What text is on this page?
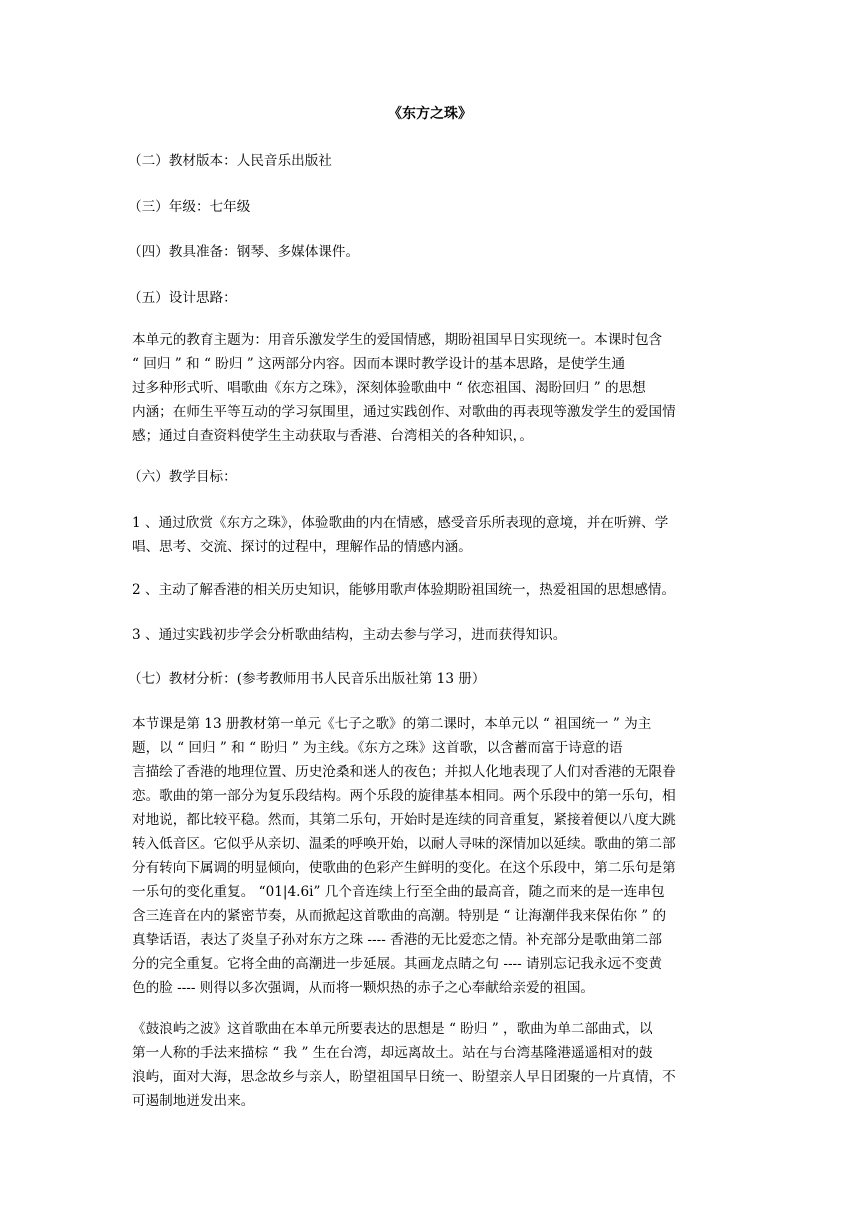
《东方之珠》
（二）教材版本：人民音乐出版社
（三）年级：七年级
（四）教具准备：钢琴、多媒体课件。
（五）设计思路：
本单元的教育主题为：用音乐激发学生的爱国情感，期盼祖国早日实现统一。本课时包含
“ 回归 ” 和 “ 盼归 ” 这两部分内容。因而本课时教学设计的基本思路，是使学生通
过多种形式听、唱歌曲《东方之珠》，深刻体验歌曲中 “ 依恋祖国、渴盼回归 ” 的思想
内涵；在师生平等互动的学习氛围里，通过实践创作、对歌曲的再表现等激发学生的爱国情
感；通过自查资料使学生主动获取与香港、台湾相关的各种知识，。
（六）教学目标：
1 、通过欣赏《东方之珠》，体验歌曲的内在情感，感受音乐所表现的意境，并在听辨、学
唱、思考、交流、探讨的过程中，理解作品的情感内涵。
2 、主动了解香港的相关历史知识，能够用歌声体验期盼祖国统一，热爱祖国的思想感情。
3 、通过实践初步学会分析歌曲结构，主动去参与学习，进而获得知识。
（七）教材分析：(参考教师用书人民音乐出版社第 13 册）
本节课是第 13 册教材第一单元《七子之歌》的第二课时，本单元以 “ 祖国统一 ” 为主
题，以 “ 回归 ” 和 “ 盼归 ” 为主线。《东方之珠》这首歌，以含蓄而富于诗意的语
言描绘了香港的地理位置、历史沧桑和迷人的夜色；并拟人化地表现了人们对香港的无限眷
恋。歌曲的第一部分为复乐段结构。两个乐段的旋律基本相同。两个乐段中的第一乐句，相
对地说，都比较平稳。然而，其第二乐句，开始时是连续的同音重复，紧接着便以八度大跳
转入低音区。它似乎从亲切、温柔的呼唤开始，以耐人寻味的深情加以延续。歌曲的第二部
分有转向下属调的明显倾向，使歌曲的色彩产生鲜明的变化。在这个乐段中，第二乐句是第
一乐句的变化重复。 “01|4.6i” 几个音连续上行至全曲的最高音，随之而来的是一连串包
含三连音在内的紧密节奏，从而掀起这首歌曲的高潮。特别是 “ 让海潮伴我来保佑你 ” 的
真挚话语，表达了炎皇子孙对东方之珠 ---- 香港的无比爱恋之情。补充部分是歌曲第二部
分的完全重复。它将全曲的高潮进一步延展。其画龙点睛之句 ---- 请别忘记我永远不变黄
色的脸 ---- 则得以多次强调，从而将一颗炽热的赤子之心奉献给亲爱的祖国。
《鼓浪屿之波》这首歌曲在本单元所要表达的思想是 “ 盼归 ” ，歌曲为单二部曲式，以
第一人称的手法来描棕 “ 我 ” 生在台湾，却远离故土。站在与台湾基隆港遥遥相对的鼓
浪屿，面对大海，思念故乡与亲人，盼望祖国早日统一、盼望亲人早日团聚的一片真情，不
可遏制地迸发出来。
